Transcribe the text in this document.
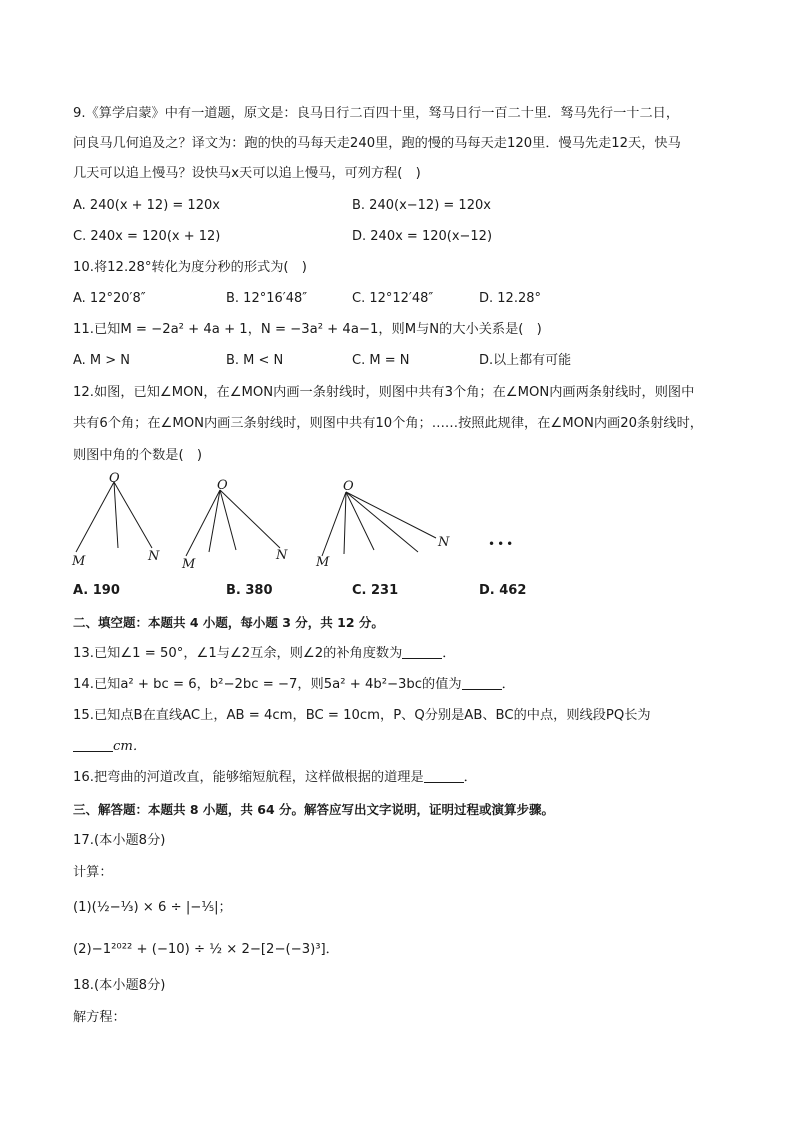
9.《算学启蒙》中有一道题，原文是：良马日行二百四十里，驽马日行一百二十里．驽马先行一十二日，
问良马几何追及之？译文为：跑的快的马每天走240里，跑的慢的马每天走120里．慢马先走12天，快马
几天可以追上慢马？设快马x天可以追上慢马，可列方程(　)
A. 240(x + 12) = 120x	B. 240(x−12) = 120x
C. 240x = 120(x + 12)	D. 240x = 120(x−12)
10.将12.28°转化为度分秒的形式为(　)
A. 12°20′8″	B. 12°16′48″	C. 12°12′48″	D. 12.28°
11.已知M = −2a² + 4a + 1，N = −3a² + 4a−1，则M与N的大小关系是(　)
A. M > N	B. M < N	C. M = N	D.以上都有可能
12.如图，已知∠MON，在∠MON内画一条射线时，则图中共有3个角；在∠MON内画两条射线时，则图中
共有6个角；在∠MON内画三条射线时，则图中共有10个角；……按照此规律，在∠MON内画20条射线时，
则图中角的个数是(　)
O
M	N
O
M
N
O
M
N	•••
A. 190	B. 380	C. 231	D. 462
二、填空题：本题共 4 小题，每小题 3 分，共 12 分。
13.已知∠1 = 50°，∠1与∠2互余，则∠2的补角度数为	．
14.已知a² + bc = 6，b²−2bc = −7，则5a² + 4b²−3bc的值为	．
15.已知点B在直线AC上，AB = 4cm，BC = 10cm，P、Q分别是AB、BC的中点，则线段PQ长为
cm．
16.把弯曲的河道改直，能够缩短航程，这样做根据的道理是	．
三、解答题：本题共 8 小题，共 64 分。解答应写出文字说明，证明过程或演算步骤。
17.(本小题8分)
计算：
(1)(½−⅓) × 6 ÷ |−⅕|；
(2)−1²⁰²² + (−10) ÷ ½ × 2−[2−(−3)³]．
18.(本小题8分)
解方程：
